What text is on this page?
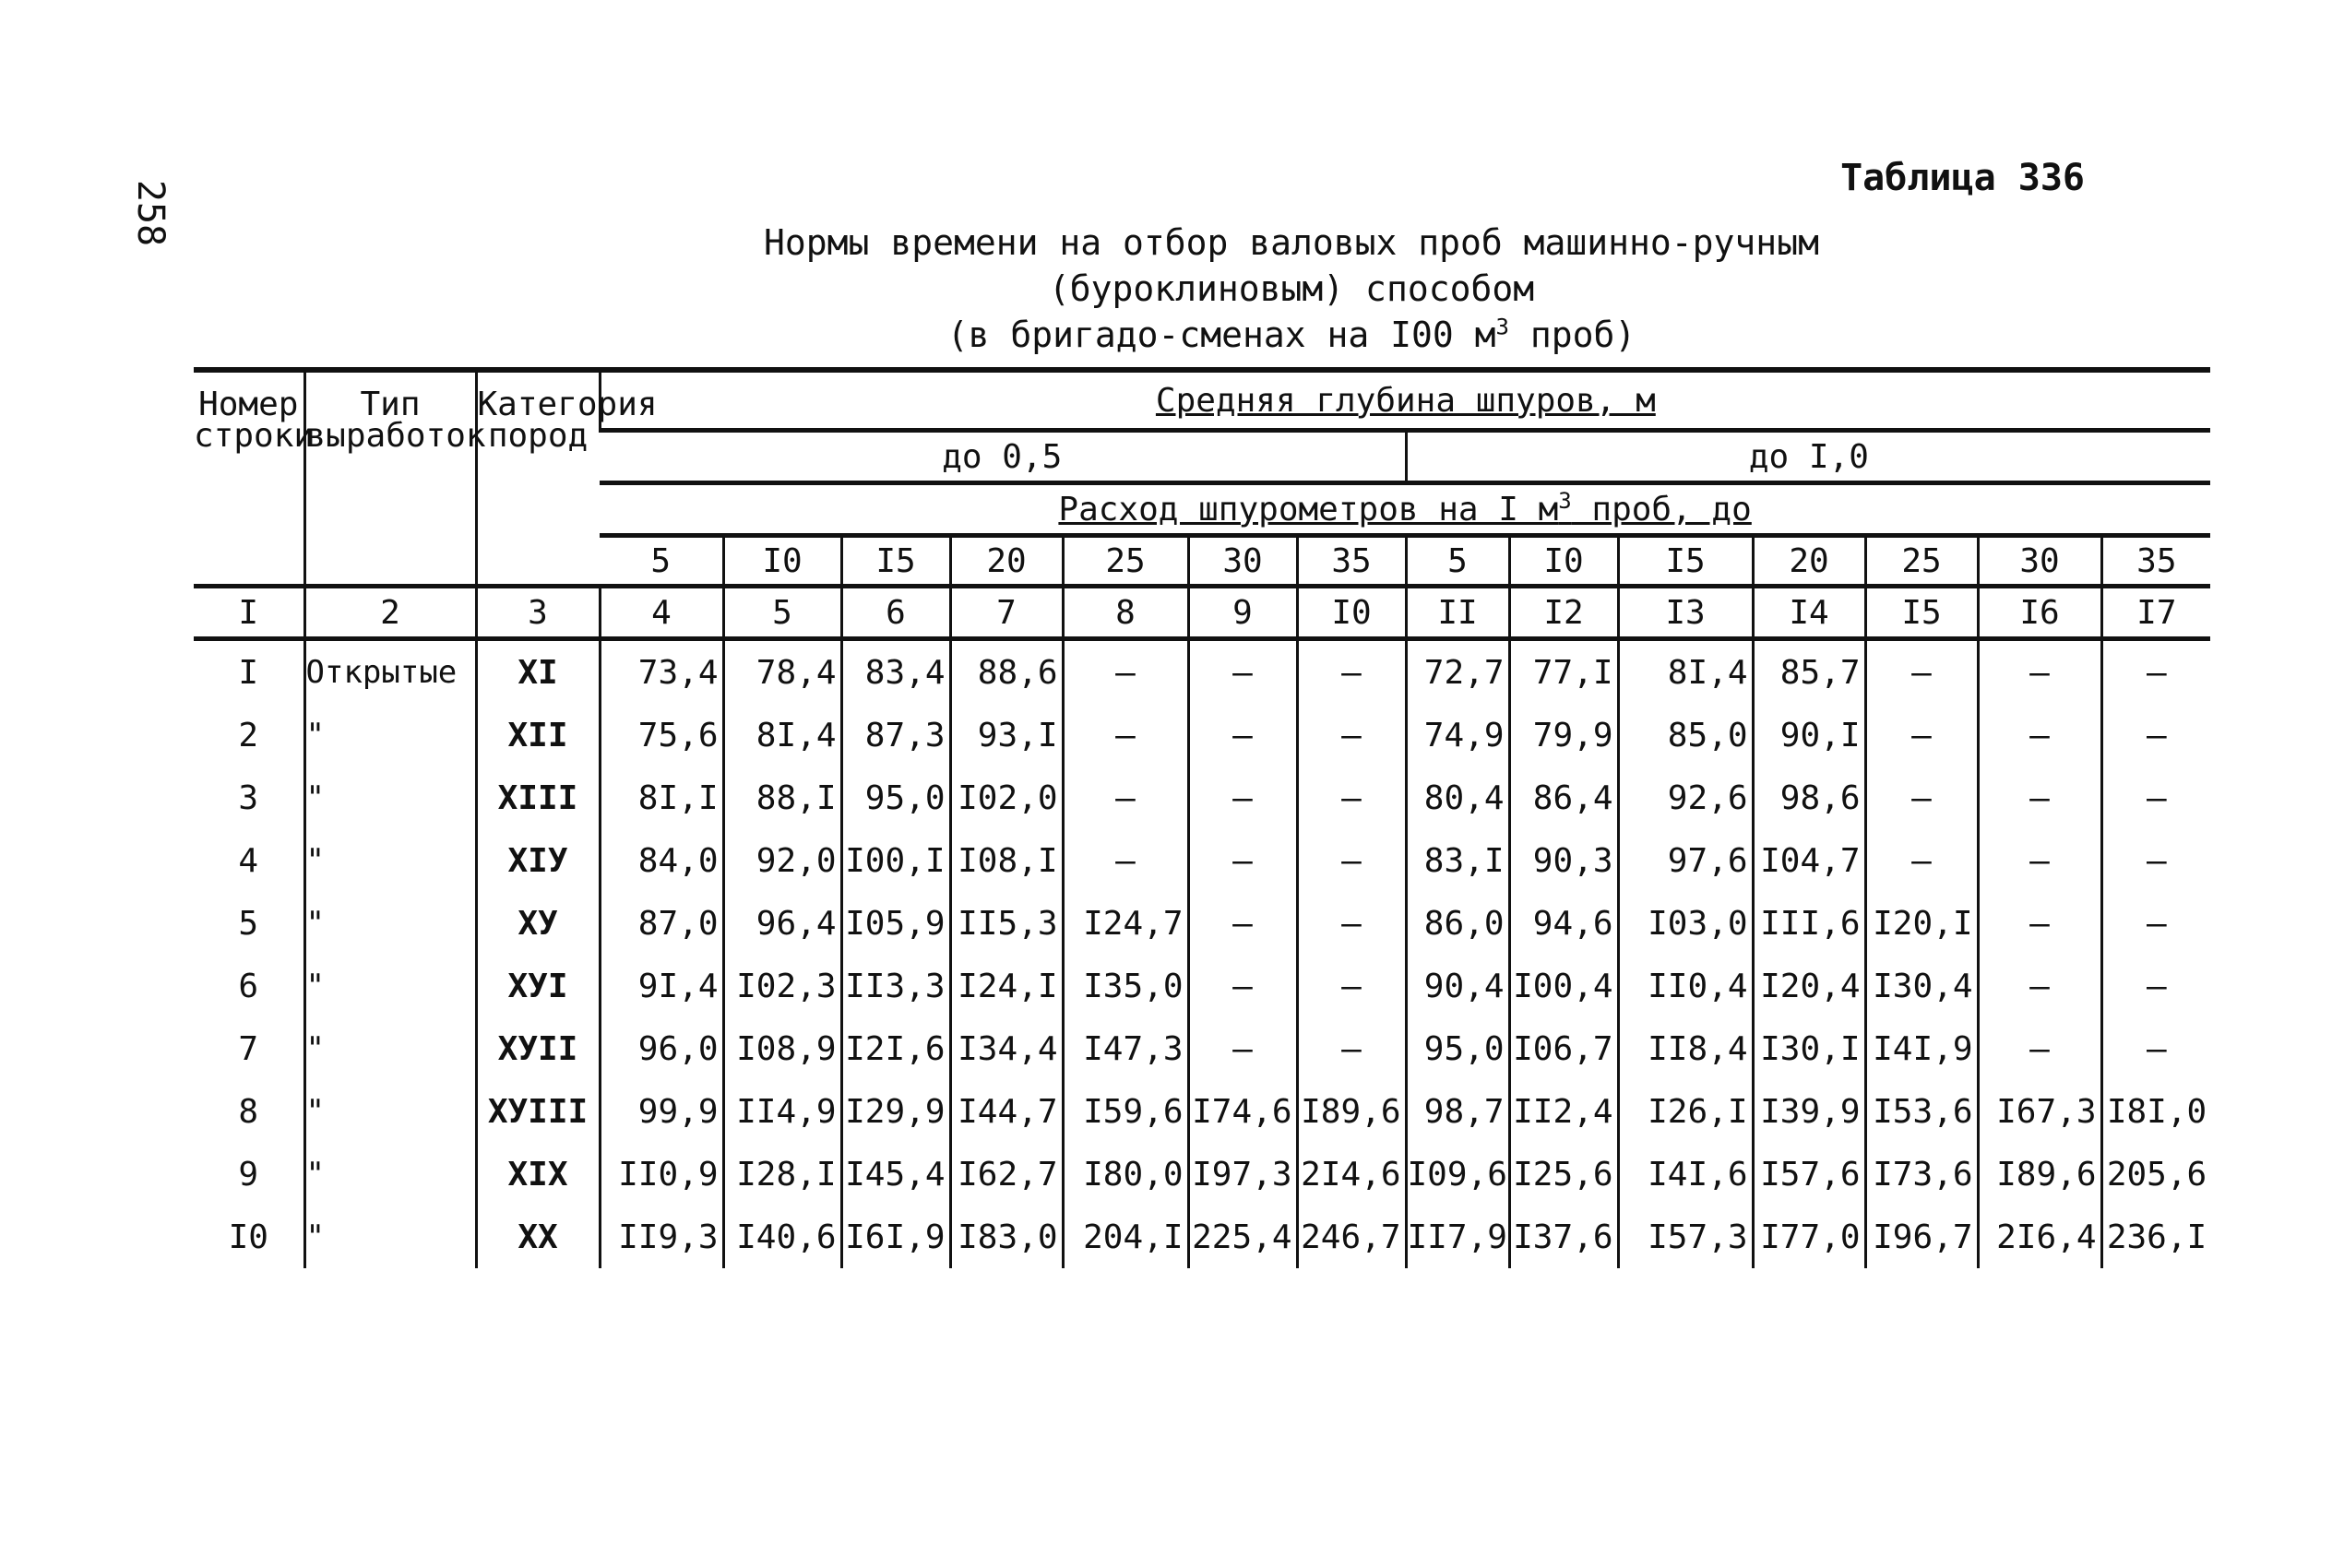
258
Таблица 336
Нормы времени на отбор валовых проб машинно-ручным
(буроклиновым) способом
(в бригадо-сменах на I00 $м^3$ проб)
Номер строки	Тип выработок	Категория пород	Средняя глубина шпуров, м													
			до 0,5							до I,0						
			Расход шпурометров на I $м^3$ проб, до													
			5	I0	I5	20	25	30	35	5	I0	I5	20	25	30	35
I	2	3	4	5	6	7	8	9	I0	II	I2	I3	I4	I5	I6	I7
I	Открытые	XI	73,4	78,4	83,4	88,6	–	–	–	72,7	77,I	8I,4	85,7	–	–	–
2	"	XII	75,6	8I,4	87,3	93,I	–	–	–	74,9	79,9	85,0	90,I	–	–	–
3	"	XIII	8I,I	88,I	95,0	I02,0	–	–	–	80,4	86,4	92,6	98,6	–	–	–
4	"	XIУ	84,0	92,0	I00,I	I08,I	–	–	–	83,I	90,3	97,6	I04,7	–	–	–
5	"	XУ	87,0	96,4	I05,9	II5,3	I24,7	–	–	86,0	94,6	I03,0	III,6	I20,I	–	–
6	"	XУI	9I,4	I02,3	II3,3	I24,I	I35,0	–	–	90,4	I00,4	II0,4	I20,4	I30,4	–	–
7	"	XУII	96,0	I08,9	I2I,6	I34,4	I47,3	–	–	95,0	I06,7	II8,4	I30,I	I4I,9	–	–
8	"	XУIII	99,9	II4,9	I29,9	I44,7	I59,6	I74,6	I89,6	98,7	II2,4	I26,I	I39,9	I53,6	I67,3	I8I,0
9	"	XIX	II0,9	I28,I	I45,4	I62,7	I80,0	I97,3	2I4,6	I09,6	I25,6	I4I,6	I57,6	I73,6	I89,6	205,6
I0	"	XX	II9,3	I40,6	I6I,9	I83,0	204,I	225,4	246,7	II7,9	I37,6	I57,3	I77,0	I96,7	2I6,4	236,I
